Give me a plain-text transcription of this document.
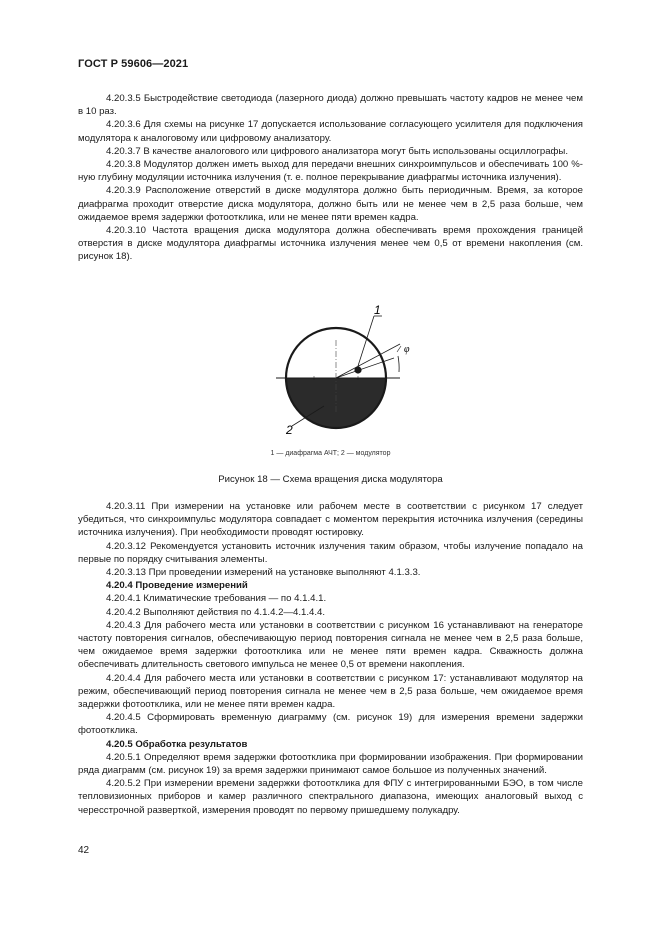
ГОСТ Р 59606—2021

4.20.3.5 Быстродействие светодиода (лазерного диода) должно превышать частоту кадров не менее чем в 10 раз.

4.20.3.6 Для схемы на рисунке 17 допускается использование согласующего усилителя для подключения модулятора к аналоговому или цифровому анализатору.

4.20.3.7 В качестве аналогового или цифрового анализатора могут быть использованы осциллографы.

4.20.3.8 Модулятор должен иметь выход для передачи внешних синхроимпульсов и обеспечивать 100 %-ную глубину модуляции источника излучения (т. е. полное перекрывание диафрагмы источника излучения).

4.20.3.9 Расположение отверстий в диске модулятора должно быть периодичным. Время, за которое диафрагма проходит отверстие диска модулятора, должно быть или не менее чем в 2,5 раза больше, чем ожидаемое время задержки фотоотклика, или не менее пяти времен кадра.

4.20.3.10 Частота вращения диска модулятора должна обеспечивать время прохождения границей отверстия в диске модулятора диафрагмы источника излучения менее чем 0,5 от времени накопления (см. рисунок 18).

1
2
φ
1 — диафрагма АЧТ; 2 — модулятор
Рисунок 18 — Схема вращения диска модулятора

4.20.3.11 При измерении на установке или рабочем месте в соответствии с рисунком 17 следует убедиться, что синхроимпульс модулятора совпадает с моментом перекрытия источника излучения (середины источника излучения). При необходимости проводят юстировку.

4.20.3.12 Рекомендуется установить источник излучения таким образом, чтобы излучение попадало на первые по порядку считывания элементы.

4.20.3.13 При проведении измерений на установке выполняют 4.1.3.3.

4.20.4 Проведение измерений

4.20.4.1 Климатические требования — по 4.1.4.1.

4.20.4.2 Выполняют действия по 4.1.4.2—4.1.4.4.

4.20.4.3 Для рабочего места или установки в соответствии с рисунком 16 устанавливают на генераторе частоту повторения сигналов, обеспечивающую период повторения сигнала не менее чем в 2,5 раза больше, чем ожидаемое время задержки фотоотклика или не менее пяти времен кадра. Скважность должна обеспечивать длительность светового импульса не менее 0,5 от времени накопления.

4.20.4.4 Для рабочего места или установки в соответствии с рисунком 17: устанавливают модулятор на режим, обеспечивающий период повторения сигнала не менее чем в 2,5 раза больше, чем ожидаемое время задержки фотоотклика, или не менее пяти времен кадра.

4.20.4.5 Сформировать временную диаграмму (см. рисунок 19) для измерения времени задержки фотоотклика.

4.20.5 Обработка результатов

4.20.5.1 Определяют время задержки фотоотклика при формировании изображения. При формировании ряда диаграмм (см. рисунок 19) за время задержки принимают самое большое из полученных значений.

4.20.5.2 При измерении времени задержки фотоотклика для ФПУ с интегрированными БЭО, в том числе тепловизионных приборов и камер различного спектрального диапазона, имеющих аналоговый выход с чересстрочной разверткой, измерения проводят по первому пришедшему полукадру.

42
